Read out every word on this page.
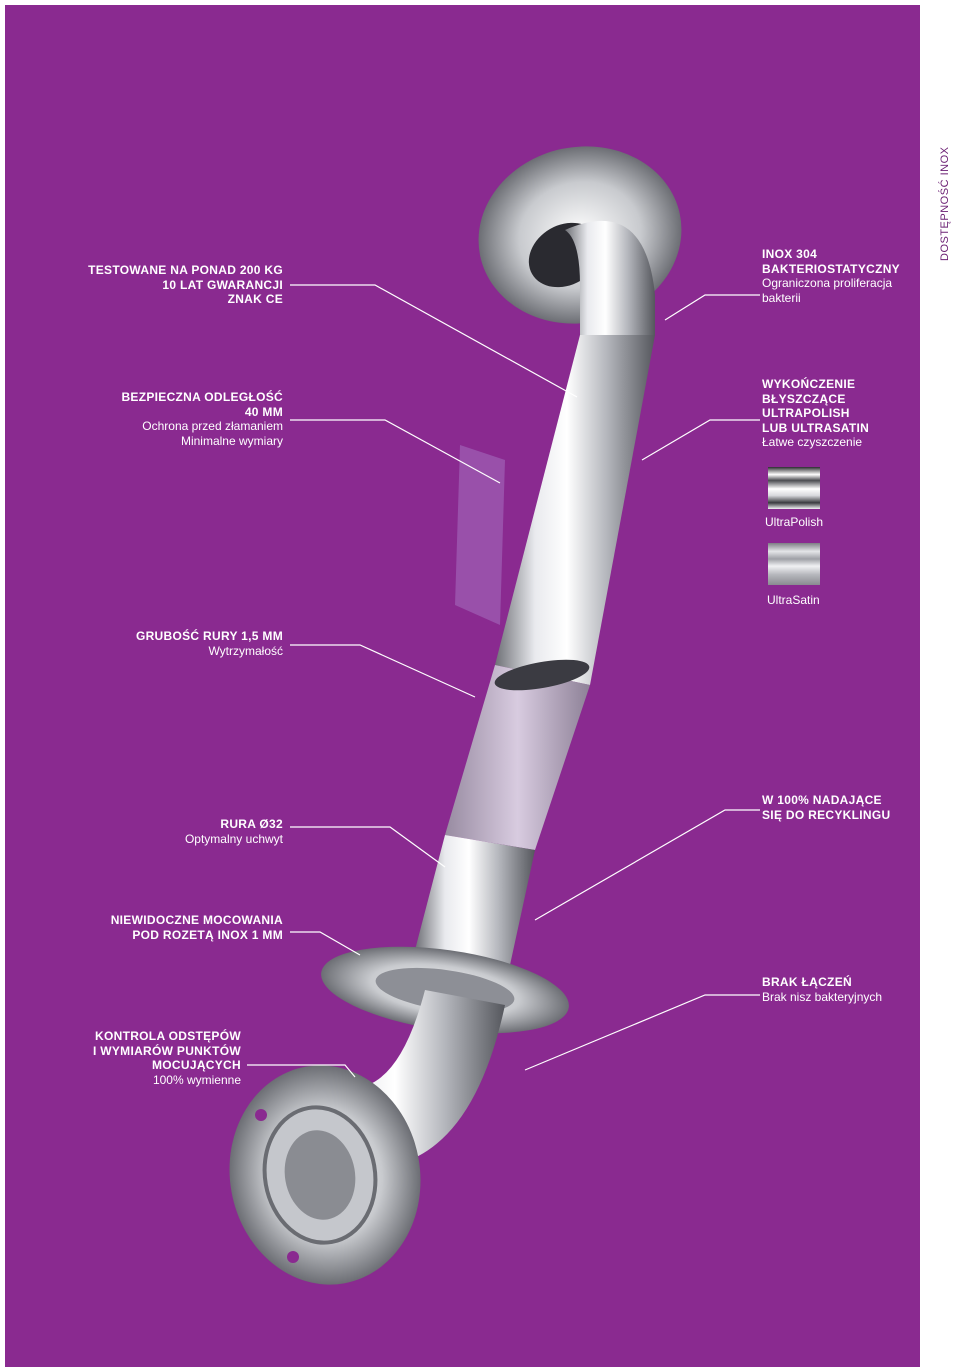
TESTOWANE NA PONAD 200 KG
10 LAT GWARANCJI
ZNAK CE
BEZPIECZNA ODLEGŁOŚĆ
40 MM
Ochrona przed złamaniem
Minimalne wymiary
GRUBOŚĆ RURY 1,5 MM
Wytrzymałość
RURA Ø32
Optymalny uchwyt
NIEWIDOCZNE MOCOWANIA
POD ROZETĄ INOX 1 MM
KONTROLA ODSTĘPÓW
I WYMIARÓW PUNKTÓW
MOCUJĄCYCH
100% wymienne
INOX 304
BAKTERIOSTATYCZNY
Ograniczona proliferacja
bakterii
WYKOŃCZENIE
BŁYSZCZĄCE
ULTRAPOLISH
LUB ULTRASATIN
Łatwe czyszczenie
W 100% NADAJĄCE
SIĘ DO RECYKLINGU
BRAK ŁĄCZEŃ
Brak nisz bakteryjnych
UltraPolish
UltraSatin
DOSTĘPNOŚĆ INOX
